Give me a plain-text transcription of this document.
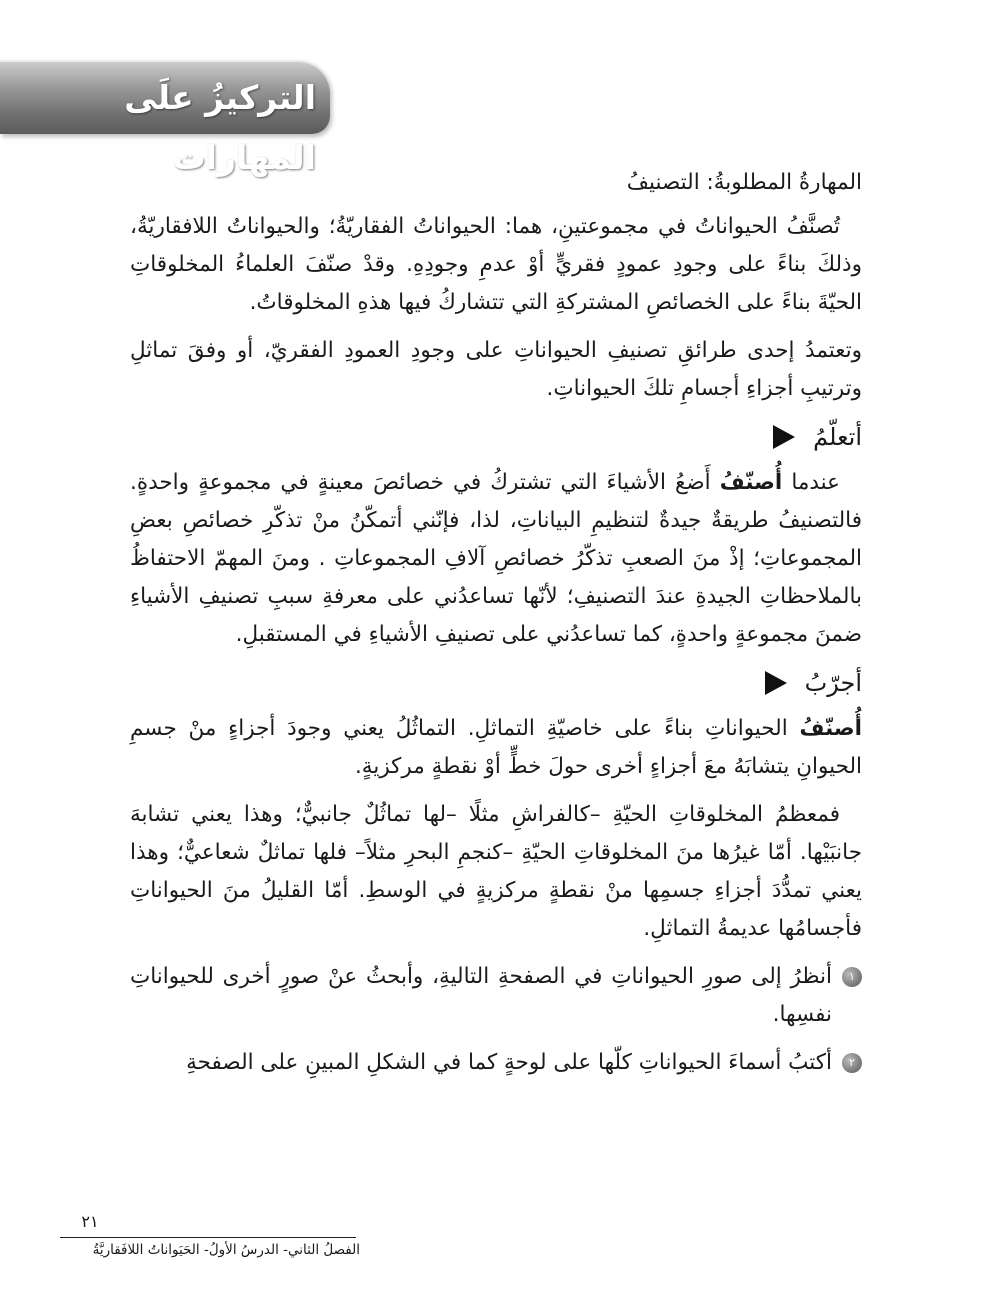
التركيزُ علَى المهارات

المهارةُ المطلوبةُ: التصنيفُ

تُصنَّفُ الحيواناتُ في مجموعتينِ، هما: الحيواناتُ الفقاريّةُ؛ والحيواناتُ اللافقاريّةُ، وذلكَ بناءً على وجودِ عمودٍ فقريٍّ أوْ عدمِ وجودِهِ. وقدْ صنّفَ العلماءُ المخلوقاتِ الحيّةَ بناءً على الخصائصِ المشتركةِ التي تتشاركُ فيها هذهِ المخلوقاتُ.

وتعتمدُ إحدى طرائقِ تصنيفِ الحيواناتِ على وجودِ العمودِ الفقريّ، أو وفقَ تماثلِ وترتيبِ أجزاءِ أجسامِ تلكَ الحيواناتِ.

أتعلّمُ

عندما أُصنّفُ أَضعُ الأشياءَ التي تشتركُ في خصائصَ معينةٍ في مجموعةٍ واحدةٍ. فالتصنيفُ طريقةٌ جيدةٌ لتنظيمِ البياناتِ، لذا، فإنّني أتمكّنُ منْ تذكّرِ خصائصِ بعضِ المجموعاتِ؛ إذْ منَ الصعبِ تذكّرُ خصائصِ آلافِ المجموعاتِ . ومنَ المهمّ الاحتفاظُ بالملاحظاتِ الجيدةِ عندَ التصنيفِ؛ لأنّها تساعدُني على معرفةِ سببِ تصنيفِ الأشياءِ ضمنَ مجموعةٍ واحدةٍ، كما تساعدُني على تصنيفِ الأشياءِ في المستقبلِ.

أجرّبُ

أُصنّفُ الحيواناتِ بناءً على خاصيّةِ التماثلِ. التماثُلُ يعني وجودَ أجزاءٍ منْ جسمِ الحيوانِ يتشابَهُ معَ أجزاءٍ أخرى حولَ خطٍّ أوْ نقطةٍ مركزيةٍ.

فمعظمُ المخلوقاتِ الحيّةِ –كالفراشِ مثلًا –لها تماثُلٌ جانبيٌّ؛ وهذا يعني تشابهَ جانبَيْها. أمّا غيرُها منَ المخلوقاتِ الحيّةِ –كنجمِ البحرِ مثلاً– فلها تماثلٌ شعاعيٌّ؛ وهذا يعني تمدُّدَ أجزاءِ جسمِها منْ نقطةٍ مركزيةٍ في الوسطِ. أمّا القليلُ منَ الحيواناتِ فأجسامُها عديمةُ التماثلِ.

١
أنظرُ إلى صورِ الحيواناتِ في الصفحةِ التاليةِ، وأبحثُ عنْ صورٍ أخرى للحيواناتِ نفسِها.
٢
أكتبُ أسماءَ الحيواناتِ كلّها على لوحةٍ كما في الشكلِ المبينِ على الصفحةِ
٢١
الفصلُ الثاني- الدرسُ الأولُ- الحَيَواناتُ اللافَقاريَّةُ
